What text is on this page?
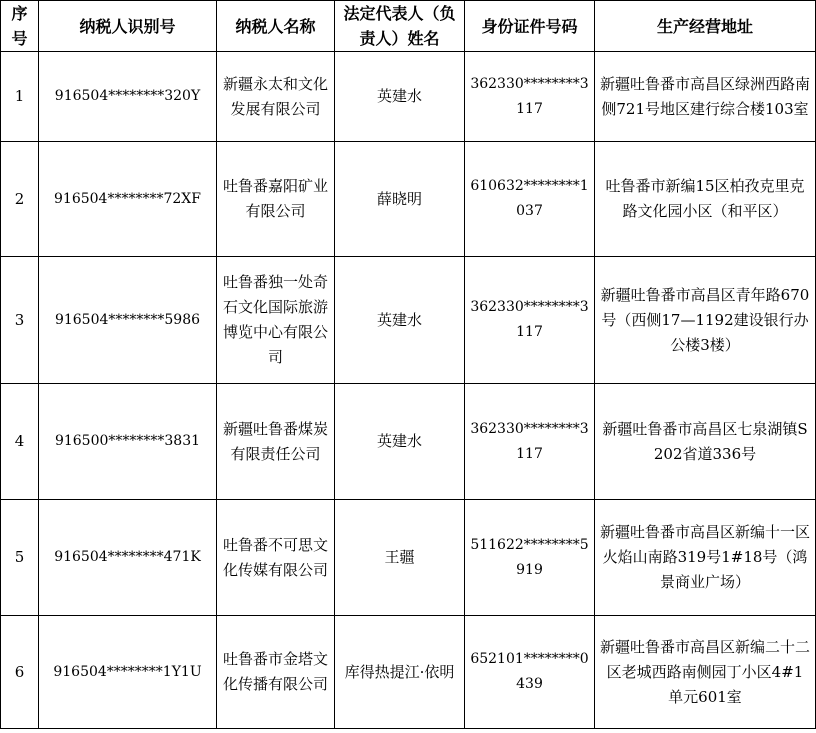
序号	纳税人识别号	纳税人名称	法定代表人（负责人）姓名	身份证件号码	生产经营地址
1	916504********320Y	新疆永太和文化发展有限公司	英建水	362330********3117	新疆吐鲁番市高昌区绿洲西路南侧721号地区建行综合楼103室
2	916504********72XF	吐鲁番嘉阳矿业有限公司	薛晓明	610632********1037	吐鲁番市新编15区柏孜克里克路文化园小区（和平区）
3	916504********5986	吐鲁番独一处奇石文化国际旅游博览中心有限公司	英建水	362330********3117	新疆吐鲁番市高昌区青年路670号（西侧17—1192建设银行办公楼3楼）
4	916500********3831	新疆吐鲁番煤炭有限责任公司	英建水	362330********3117	新疆吐鲁番市高昌区七泉湖镇S202省道336号
5	916504********471K	吐鲁番不可思文化传媒有限公司	王疆	511622********5919	新疆吐鲁番市高昌区新编十一区火焰山南路319号1#18号（鸿景商业广场）
6	916504********1Y1U	吐鲁番市金塔文化传播有限公司	库得热提江·依明	652101********0439	新疆吐鲁番市高昌区新编二十二区老城西路南侧园丁小区4#1单元601室
